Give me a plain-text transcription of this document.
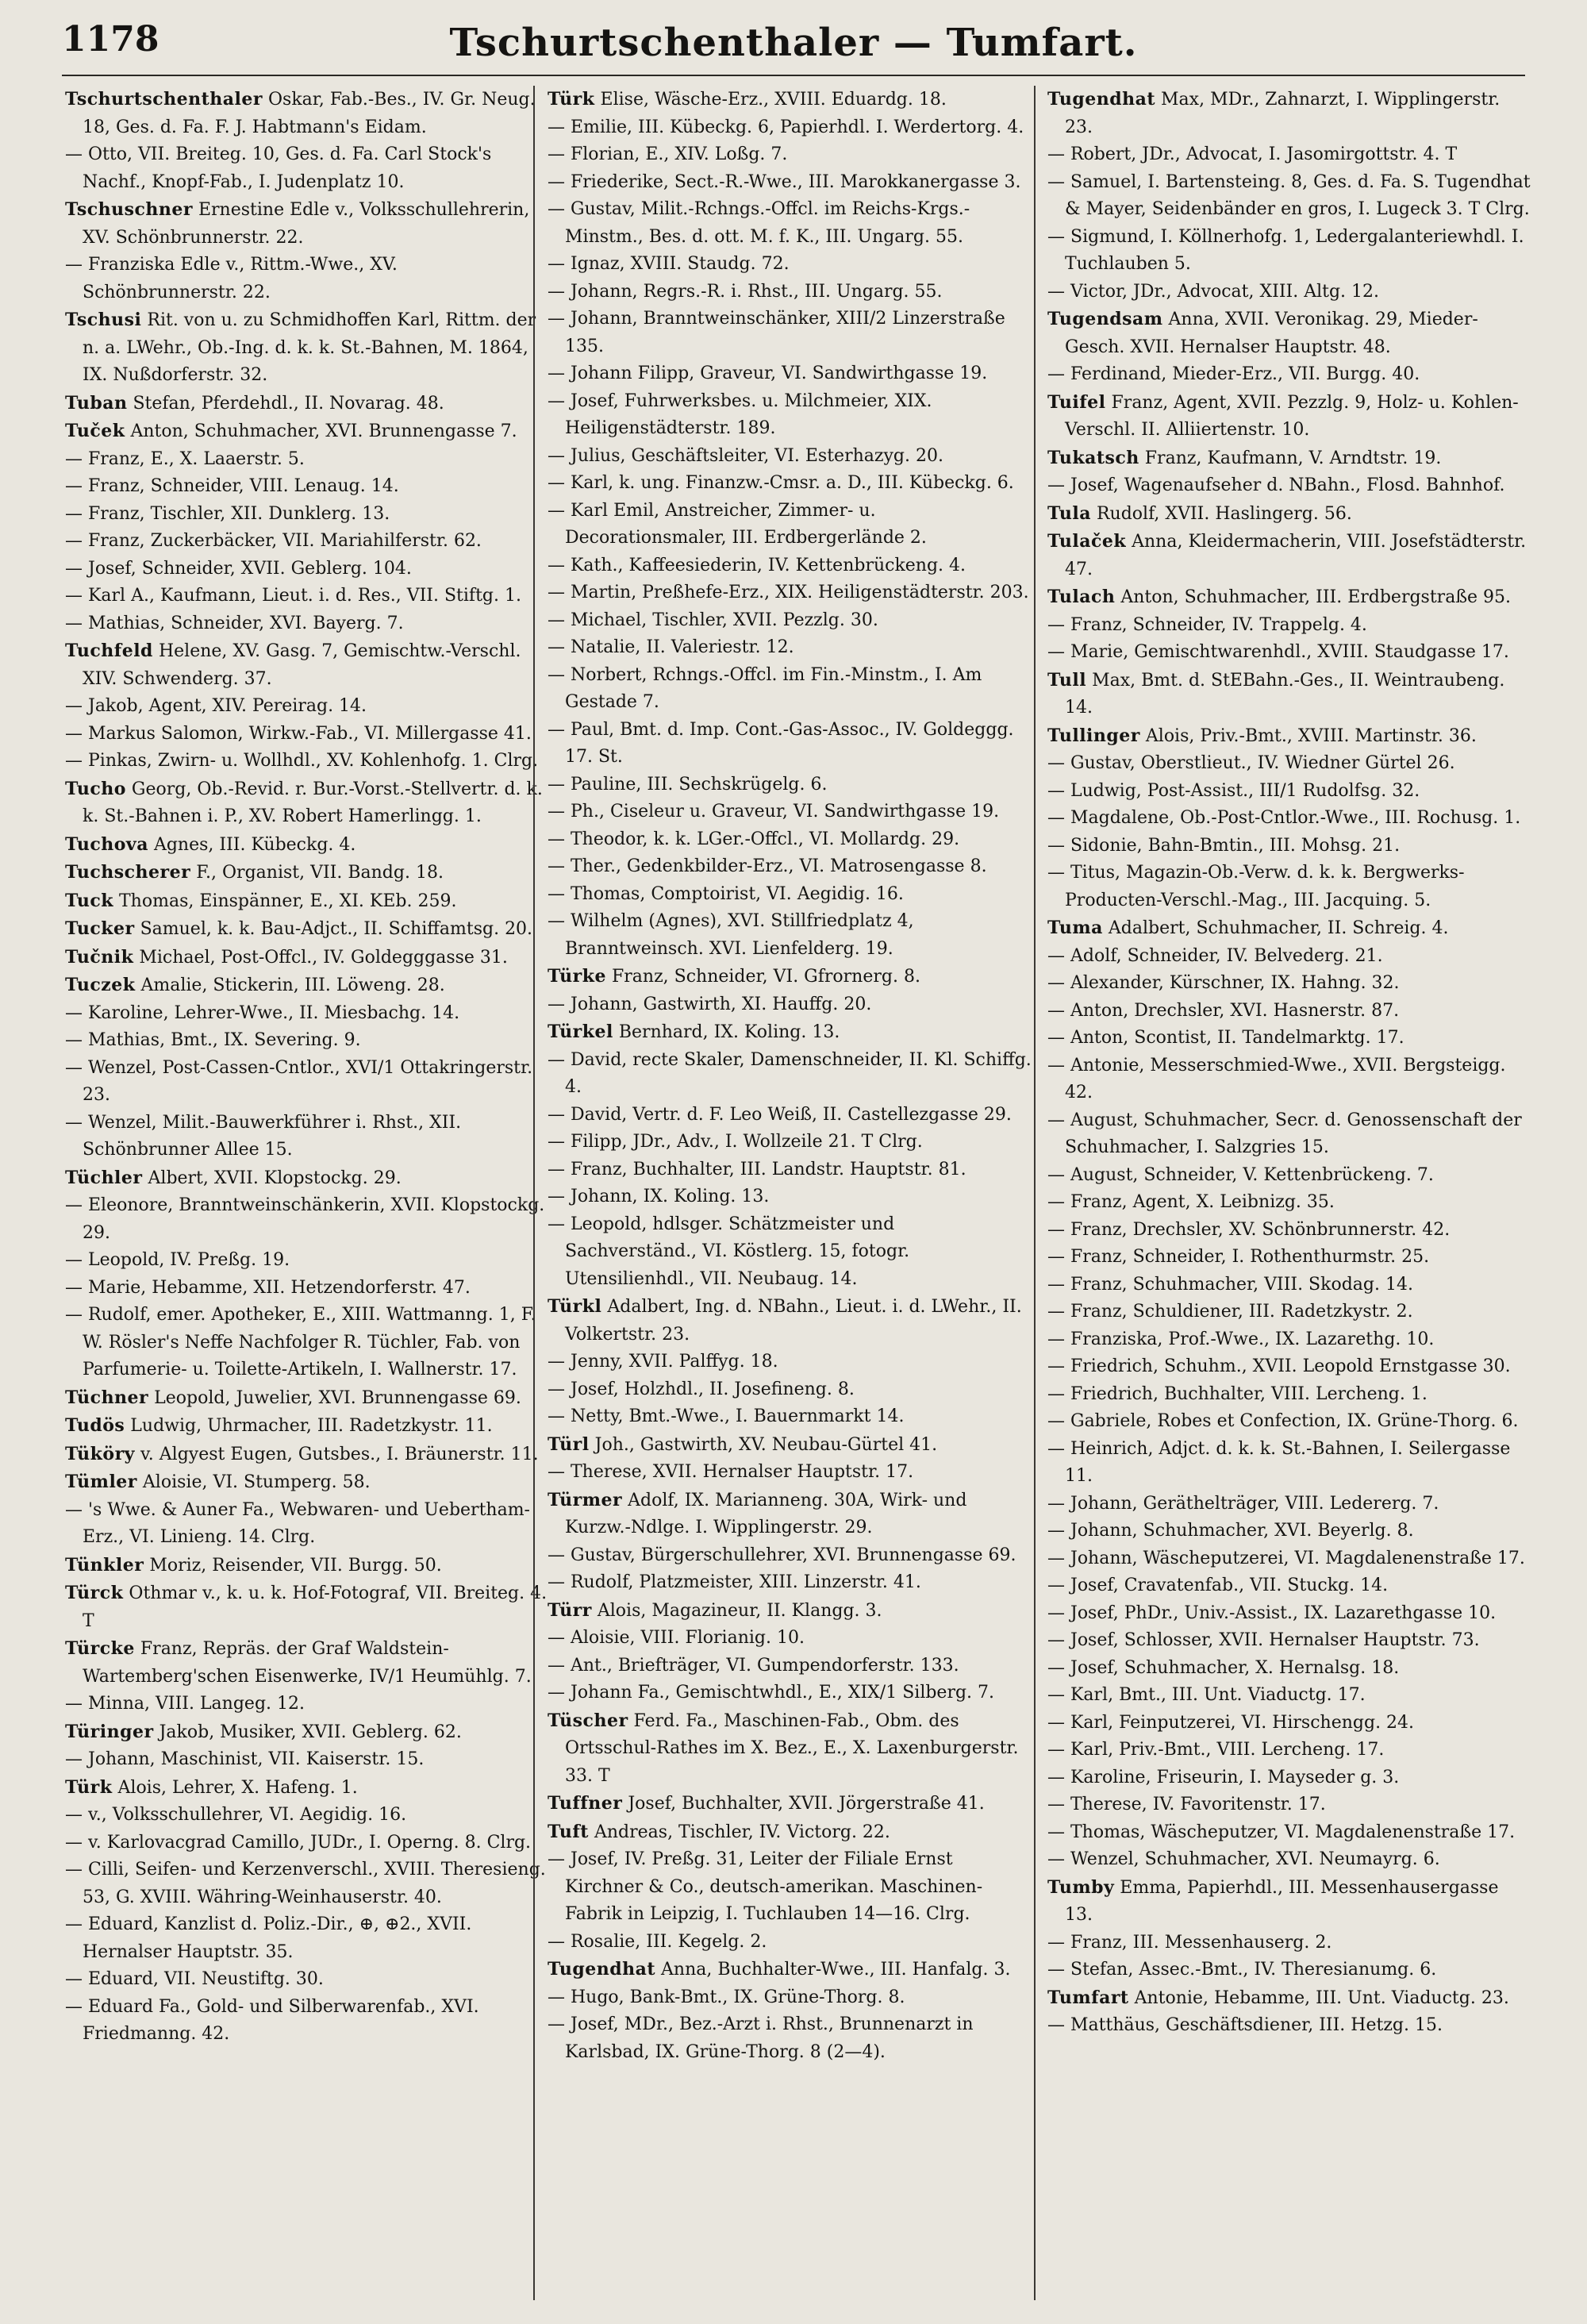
1178	Tschurtschenthaler — Tumfart.

Tschurtschenthaler Oskar, Fab.-Bes., IV. Gr. Neug. 18, Ges. d. Fa. F. J. Habtmann's Eidam.

— Otto, VII. Breiteg. 10, Ges. d. Fa. Carl Stock's Nachf., Knopf-Fab., I. Judenplatz 10.

Tschuschner Ernestine Edle v., Volksschullehrerin, XV. Schönbrunnerstr. 22.

— Franziska Edle v., Rittm.-Wwe., XV. Schönbrunnerstr. 22.

Tschusi Rit. von u. zu Schmidhoffen Karl, Rittm. der n. a. LWehr., Ob.-Ing. d. k. k. St.-Bahnen, M. 1864, IX. Nußdorferstr. 32.

Tuban Stefan, Pferdehdl., II. Novarag. 48.

Tuček Anton, Schuhmacher, XVI. Brunnengasse 7.

— Franz, E., X. Laaerstr. 5.

— Franz, Schneider, VIII. Lenaug. 14.

— Franz, Tischler, XII. Dunklerg. 13.

— Franz, Zuckerbäcker, VII. Mariahilferstr. 62.

— Josef, Schneider, XVII. Geblerg. 104.

— Karl A., Kaufmann, Lieut. i. d. Res., VII. Stiftg. 1.

— Mathias, Schneider, XVI. Bayerg. 7.

Tuchfeld Helene, XV. Gasg. 7, Gemischtw.-Verschl. XIV. Schwenderg. 37.

— Jakob, Agent, XIV. Pereirag. 14.

— Markus Salomon, Wirkw.-Fab., VI. Millergasse 41.

— Pinkas, Zwirn- u. Wollhdl., XV. Kohlenhofg. 1. Clrg.

Tucho Georg, Ob.-Revid. r. Bur.-Vorst.-Stellvertr. d. k. k. St.-Bahnen i. P., XV. Robert Hamerlingg. 1.

Tuchova Agnes, III. Kübeckg. 4.

Tuchscherer F., Organist, VII. Bandg. 18.

Tuck Thomas, Einspänner, E., XI. KEb. 259.

Tucker Samuel, k. k. Bau-Adjct., II. Schiffamtsg. 20.

Tučnik Michael, Post-Offcl., IV. Goldegggasse 31.

Tuczek Amalie, Stickerin, III. Löweng. 28.

— Karoline, Lehrer-Wwe., II. Miesbachg. 14.

— Mathias, Bmt., IX. Severing. 9.

— Wenzel, Post-Cassen-Cntlor., XVI/1 Ottakringerstr. 23.

— Wenzel, Milit.-Bauwerkführer i. Rhst., XII. Schönbrunner Allee 15.

Tüchler Albert, XVII. Klopstockg. 29.

— Eleonore, Branntweinschänkerin, XVII. Klopstockg. 29.

— Leopold, IV. Preßg. 19.

— Marie, Hebamme, XII. Hetzendorferstr. 47.

— Rudolf, emer. Apotheker, E., XIII. Wattmanng. 1, F. W. Rösler's Neffe Nachfolger R. Tüchler, Fab. von Parfumerie- u. Toilette-Artikeln, I. Wallnerstr. 17.

Tüchner Leopold, Juwelier, XVI. Brunnengasse 69.

Tudös Ludwig, Uhrmacher, III. Radetzkystr. 11.

Tüköry v. Algyest Eugen, Gutsbes., I. Bräunerstr. 11.

Tümler Aloisie, VI. Stumperg. 58.

— 's Wwe. & Auner Fa., Webwaren- und Uebertham-Erz., VI. Linieng. 14. Clrg.

Tünkler Moriz, Reisender, VII. Burgg. 50.

Türck Othmar v., k. u. k. Hof-Fotograf, VII. Breiteg. 4. T

Türcke Franz, Repräs. der Graf Waldstein-Wartemberg'schen Eisenwerke, IV/1 Heumühlg. 7.

— Minna, VIII. Langeg. 12.

Türinger Jakob, Musiker, XVII. Geblerg. 62.

— Johann, Maschinist, VII. Kaiserstr. 15.

Türk Alois, Lehrer, X. Hafeng. 1.

— v., Volksschullehrer, VI. Aegidig. 16.

— v. Karlovacgrad Camillo, JUDr., I. Operng. 8. Clrg.

— Cilli, Seifen- und Kerzenverschl., XVIII. Theresieng. 53, G. XVIII. Währing-Weinhauserstr. 40.

— Eduard, Kanzlist d. Poliz.-Dir., ⊕, ⊕2., XVII. Hernalser Hauptstr. 35.

— Eduard, VII. Neustiftg. 30.

— Eduard Fa., Gold- und Silberwarenfab., XVI. Friedmanng. 42.

Türk Elise, Wäsche-Erz., XVIII. Eduardg. 18.

— Emilie, III. Kübeckg. 6, Papierhdl. I. Werdertorg. 4.

— Florian, E., XIV. Loßg. 7.

— Friederike, Sect.-R.-Wwe., III. Marokkanergasse 3.

— Gustav, Milit.-Rchngs.-Offcl. im Reichs-Krgs.-Minstm., Bes. d. ott. M. f. K., III. Ungarg. 55.

— Ignaz, XVIII. Staudg. 72.

— Johann, Regrs.-R. i. Rhst., III. Ungarg. 55.

— Johann, Branntweinschänker, XIII/2 Linzerstraße 135.

— Johann Filipp, Graveur, VI. Sandwirthgasse 19.

— Josef, Fuhrwerksbes. u. Milchmeier, XIX. Heiligenstädterstr. 189.

— Julius, Geschäftsleiter, VI. Esterhazyg. 20.

— Karl, k. ung. Finanzw.-Cmsr. a. D., III. Kübeckg. 6.

— Karl Emil, Anstreicher, Zimmer- u. Decorationsmaler, III. Erdbergerlände 2.

— Kath., Kaffeesiederin, IV. Kettenbrückeng. 4.

— Martin, Preßhefe-Erz., XIX. Heiligenstädterstr. 203.

— Michael, Tischler, XVII. Pezzlg. 30.

— Natalie, II. Valeriestr. 12.

— Norbert, Rchngs.-Offcl. im Fin.-Minstm., I. Am Gestade 7.

— Paul, Bmt. d. Imp. Cont.-Gas-Assoc., IV. Goldeggg. 17. St.

— Pauline, III. Sechskrügelg. 6.

— Ph., Ciseleur u. Graveur, VI. Sandwirthgasse 19.

— Theodor, k. k. LGer.-Offcl., VI. Mollardg. 29.

— Ther., Gedenkbilder-Erz., VI. Matrosengasse 8.

— Thomas, Comptoirist, VI. Aegidig. 16.

— Wilhelm (Agnes), XVI. Stillfriedplatz 4, Branntweinsch. XVI. Lienfelderg. 19.

Türke Franz, Schneider, VI. Gfrornerg. 8.

— Johann, Gastwirth, XI. Hauffg. 20.

Türkel Bernhard, IX. Koling. 13.

— David, recte Skaler, Damenschneider, II. Kl. Schiffg. 4.

— David, Vertr. d. F. Leo Weiß, II. Castellezgasse 29.

— Filipp, JDr., Adv., I. Wollzeile 21. T Clrg.

— Franz, Buchhalter, III. Landstr. Hauptstr. 81.

— Johann, IX. Koling. 13.

— Leopold, hdlsger. Schätzmeister und Sachverständ., VI. Köstlerg. 15, fotogr. Utensilienhdl., VII. Neubaug. 14.

Türkl Adalbert, Ing. d. NBahn., Lieut. i. d. LWehr., II. Volkertstr. 23.

— Jenny, XVII. Palffyg. 18.

— Josef, Holzhdl., II. Josefineng. 8.

— Netty, Bmt.-Wwe., I. Bauernmarkt 14.

Türl Joh., Gastwirth, XV. Neubau-Gürtel 41.

— Therese, XVII. Hernalser Hauptstr. 17.

Türmer Adolf, IX. Marianneng. 30A, Wirk- und Kurzw.-Ndlge. I. Wipplingerstr. 29.

— Gustav, Bürgerschullehrer, XVI. Brunnengasse 69.

— Rudolf, Platzmeister, XIII. Linzerstr. 41.

Türr Alois, Magazineur, II. Klangg. 3.

— Aloisie, VIII. Florianig. 10.

— Ant., Briefträger, VI. Gumpendorferstr. 133.

— Johann Fa., Gemischtwhdl., E., XIX/1 Silberg. 7.

Tüscher Ferd. Fa., Maschinen-Fab., Obm. des Ortsschul-Rathes im X. Bez., E., X. Laxenburgerstr. 33. T

Tuffner Josef, Buchhalter, XVII. Jörgerstraße 41.

Tuft Andreas, Tischler, IV. Victorg. 22.

— Josef, IV. Preßg. 31, Leiter der Filiale Ernst Kirchner & Co., deutsch-amerikan. Maschinen-Fabrik in Leipzig, I. Tuchlauben 14—16. Clrg.

— Rosalie, III. Kegelg. 2.

Tugendhat Anna, Buchhalter-Wwe., III. Hanfalg. 3.

— Hugo, Bank-Bmt., IX. Grüne-Thorg. 8.

— Josef, MDr., Bez.-Arzt i. Rhst., Brunnenarzt in Karlsbad, IX. Grüne-Thorg. 8 (2—4).

Tugendhat Max, MDr., Zahnarzt, I. Wipplingerstr. 23.

— Robert, JDr., Advocat, I. Jasomirgottstr. 4. T

— Samuel, I. Bartensteing. 8, Ges. d. Fa. S. Tugendhat & Mayer, Seidenbänder en gros, I. Lugeck 3. T Clrg.

— Sigmund, I. Köllnerhofg. 1, Ledergalanteriewhdl. I. Tuchlauben 5.

— Victor, JDr., Advocat, XIII. Altg. 12.

Tugendsam Anna, XVII. Veronikag. 29, Mieder-Gesch. XVII. Hernalser Hauptstr. 48.

— Ferdinand, Mieder-Erz., VII. Burgg. 40.

Tuifel Franz, Agent, XVII. Pezzlg. 9, Holz- u. Kohlen-Verschl. II. Alliiertenstr. 10.

Tukatsch Franz, Kaufmann, V. Arndtstr. 19.

— Josef, Wagenaufseher d. NBahn., Flosd. Bahnhof.

Tula Rudolf, XVII. Haslingerg. 56.

Tulaček Anna, Kleidermacherin, VIII. Josefstädterstr. 47.

Tulach Anton, Schuhmacher, III. Erdbergstraße 95.

— Franz, Schneider, IV. Trappelg. 4.

— Marie, Gemischtwarenhdl., XVIII. Staudgasse 17.

Tull Max, Bmt. d. StEBahn.-Ges., II. Weintraubeng. 14.

Tullinger Alois, Priv.-Bmt., XVIII. Martinstr. 36.

— Gustav, Oberstlieut., IV. Wiedner Gürtel 26.

— Ludwig, Post-Assist., III/1 Rudolfsg. 32.

— Magdalene, Ob.-Post-Cntlor.-Wwe., III. Rochusg. 1.

— Sidonie, Bahn-Bmtin., III. Mohsg. 21.

— Titus, Magazin-Ob.-Verw. d. k. k. Bergwerks-Producten-Verschl.-Mag., III. Jacquing. 5.

Tuma Adalbert, Schuhmacher, II. Schreig. 4.

— Adolf, Schneider, IV. Belvederg. 21.

— Alexander, Kürschner, IX. Hahng. 32.

— Anton, Drechsler, XVI. Hasnerstr. 87.

— Anton, Scontist, II. Tandelmarktg. 17.

— Antonie, Messerschmied-Wwe., XVII. Bergsteigg. 42.

— August, Schuhmacher, Secr. d. Genossenschaft der Schuhmacher, I. Salzgries 15.

— August, Schneider, V. Kettenbrückeng. 7.

— Franz, Agent, X. Leibnizg. 35.

— Franz, Drechsler, XV. Schönbrunnerstr. 42.

— Franz, Schneider, I. Rothenthurmstr. 25.

— Franz, Schuhmacher, VIII. Skodag. 14.

— Franz, Schuldiener, III. Radetzkystr. 2.

— Franziska, Prof.-Wwe., IX. Lazarethg. 10.

— Friedrich, Schuhm., XVII. Leopold Ernstgasse 30.

— Friedrich, Buchhalter, VIII. Lercheng. 1.

— Gabriele, Robes et Confection, IX. Grüne-Thorg. 6.

— Heinrich, Adjct. d. k. k. St.-Bahnen, I. Seilergasse 11.

— Johann, Geräthelträger, VIII. Ledererg. 7.

— Johann, Schuhmacher, XVI. Beyerlg. 8.

— Johann, Wäscheputzerei, VI. Magdalenenstraße 17.

— Josef, Cravatenfab., VII. Stuckg. 14.

— Josef, PhDr., Univ.-Assist., IX. Lazarethgasse 10.

— Josef, Schlosser, XVII. Hernalser Hauptstr. 73.

— Josef, Schuhmacher, X. Hernalsg. 18.

— Karl, Bmt., III. Unt. Viaductg. 17.

— Karl, Feinputzerei, VI. Hirschengg. 24.

— Karl, Priv.-Bmt., VIII. Lercheng. 17.

— Karoline, Friseurin, I. Mayseder g. 3.

— Therese, IV. Favoritenstr. 17.

— Thomas, Wäscheputzer, VI. Magdalenenstraße 17.

— Wenzel, Schuhmacher, XVI. Neumayrg. 6.

Tumby Emma, Papierhdl., III. Messenhausergasse 13.

— Franz, III. Messenhauserg. 2.

— Stefan, Assec.-Bmt., IV. Theresianumg. 6.

Tumfart Antonie, Hebamme, III. Unt. Viaductg. 23.

— Matthäus, Geschäftsdiener, III. Hetzg. 15.
